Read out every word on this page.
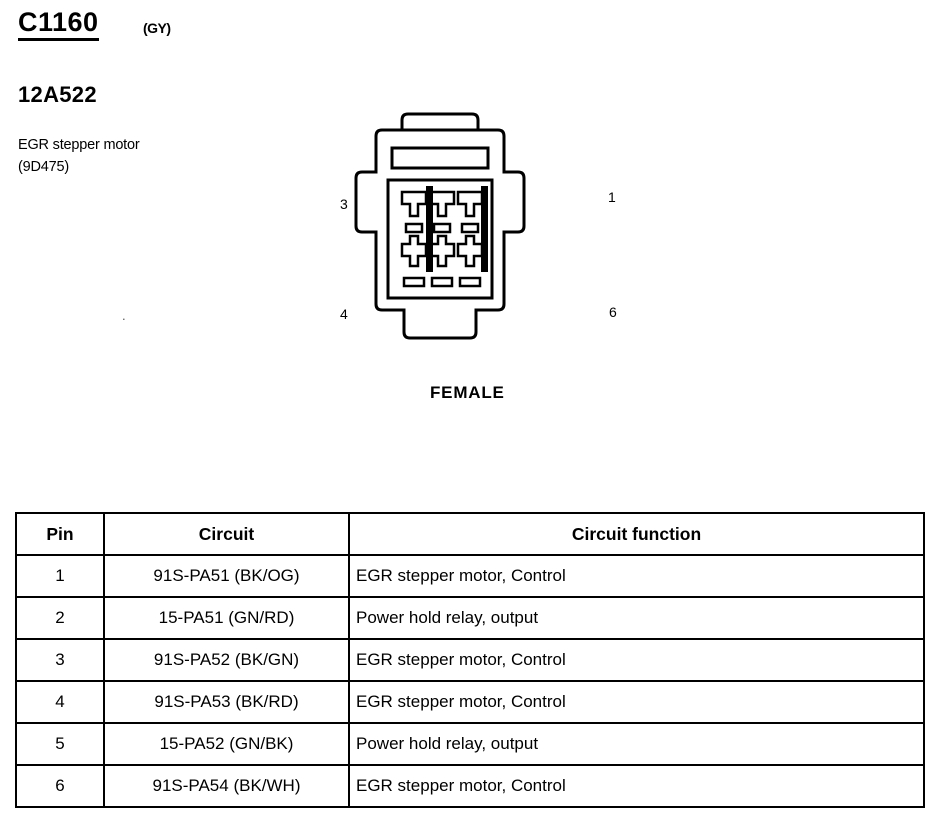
C1160	(GY)
12A522
EGR stepper motor
(9D475)
.
3	1
4	6
FEMALE
Pin	Circuit	Circuit function
1	91S-PA51 (BK/OG)	EGR stepper motor, Control
2	15-PA51 (GN/RD)	Power hold relay, output
3	91S-PA52 (BK/GN)	EGR stepper motor, Control
4	91S-PA53 (BK/RD)	EGR stepper motor, Control
5	15-PA52 (GN/BK)	Power hold relay, output
6	91S-PA54 (BK/WH)	EGR stepper motor, Control
